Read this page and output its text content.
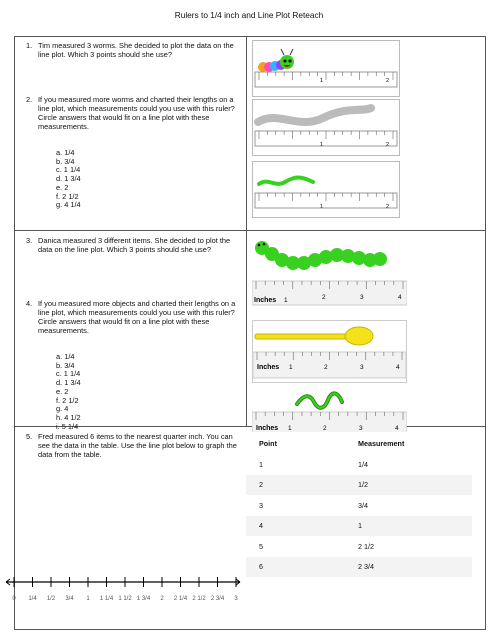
Rulers to 1/4 inch and Line Plot Reteach
1. Tim measured 3 worms. She decided to plot the data on the line plot. Which 3 points should she use?
2. If you measured more worms and charted their lengths on a line plot, which measurements could you use with this ruler? Circle answers that would fit on a line plot with these measurements.
a. 1/4
b. 3/4
c. 1 1/4
d. 1 3/4
e. 2
f. 2 1/2
g. 4 1/4
3. Danica measured 3 different items. She decided to plot the data on the line plot. Which 3 points should she use?
4. If you measured more objects and charted their lengths on a line plot, which measurements could you use with this ruler? Circle answers that would fit on a line plot with these measurements.
a. 1/4
b. 3/4
c. 1 1/4
d. 1 3/4
e. 2
f. 2 1/2
g. 4
h. 4 1/2
i. 5 1/4
5. Fred measured 6 items to the nearest quarter inch. You can see the data in the table. Use the line plot below to graph the data from the table.
1	2
1	2
1	2
Inches 1	2	3	4
Inches 1	2	3	4
Inches 1	2	3	4
Point	Measurement
1	1/4
2	1/2
3	3/4
4	1
5	2 1/2
6	2 3/4
0 1/4 1/2 3/4 1 1 1/4 1 1/2 1 3/4 2 2 1/4 2 1/2 2 3/4 3
